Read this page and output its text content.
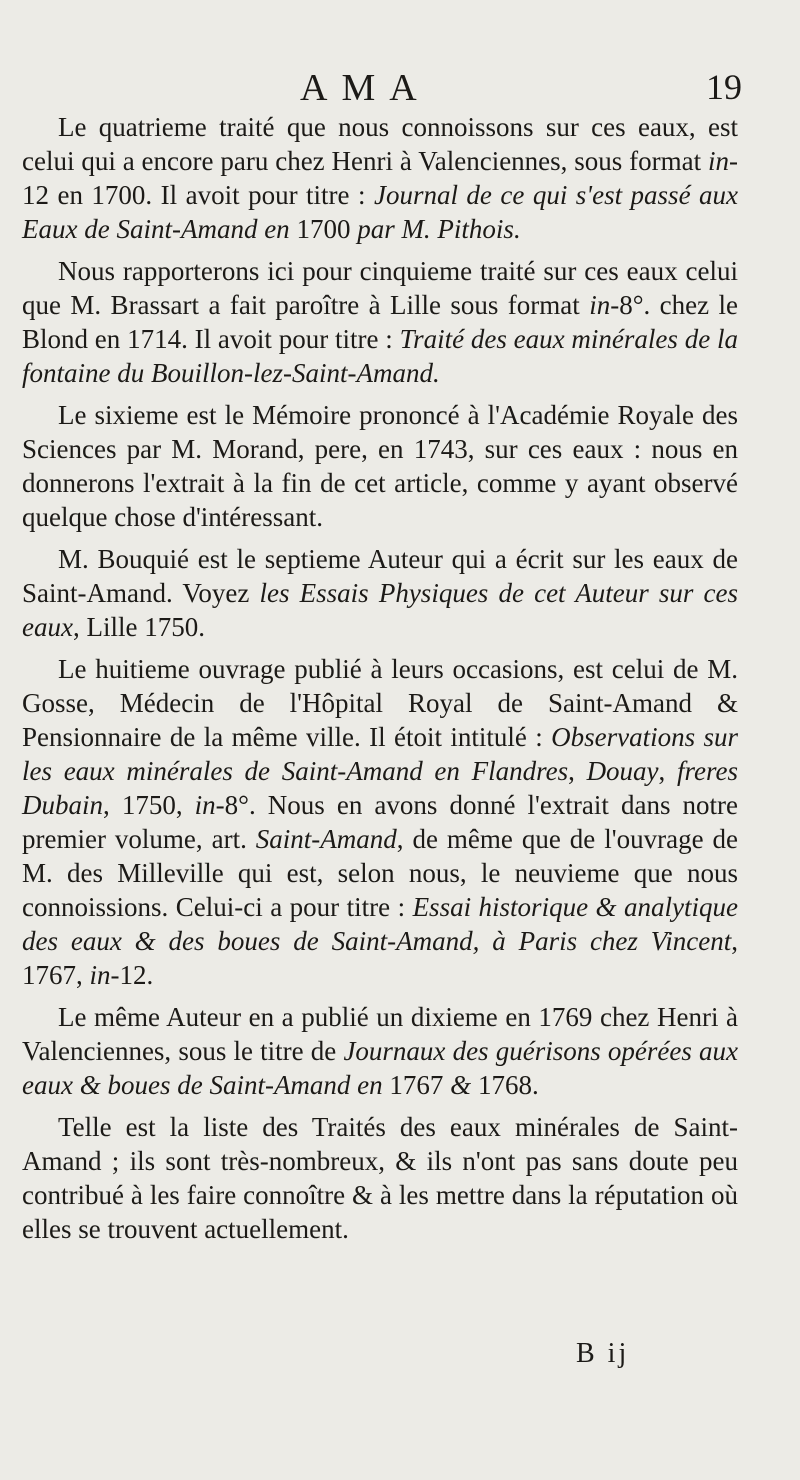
AMA	19

Le quatrieme traité que nous connoissons sur ces eaux, est celui qui a encore paru chez Henri à Valenciennes, sous format in- 12 en 1700. Il avoit pour titre : Journal de ce qui s'est passé aux Eaux de Saint-Amand en 1700 par M. Pithois.

Nous rapporterons ici pour cinquieme traité sur ces eaux celui que M. Brassart a fait paroître à Lille sous format in-8°. chez le Blond en 1714. Il avoit pour titre : Traité des eaux minérales de la fontaine du Bouillon-lez-Saint-Amand.

Le sixieme est le Mémoire prononcé à l'Académie Royale des Sciences par M. Morand, pere, en 1743, sur ces eaux : nous en donnerons l'extrait à la fin de cet article, comme y ayant observé quelque chose d'intéressant.

M. Bouquié est le septieme Auteur qui a écrit sur les eaux de Saint-Amand. Voyez les Essais Physiques de cet Auteur sur ces eaux, Lille 1750.

Le huitieme ouvrage publié à leurs occasions, est celui de M. Gosse, Médecin de l'Hôpital Royal de Saint-Amand & Pensionnaire de la même ville. Il étoit intitulé : Observations sur les eaux minérales de Saint-Amand en Flandres, Douay, freres Dubain, 1750, in-8°. Nous en avons donné l'extrait dans notre premier volume, art. Saint-Amand, de même que de l'ouvrage de M. des Milleville qui est, selon nous, le neuvieme que nous connoissions. Celui-ci a pour titre : Essai historique & analytique des eaux & des boues de Saint-Amand, à Paris chez Vincent, 1767, in-12.

Le même Auteur en a publié un dixieme en 1769 chez Henri à Valenciennes, sous le titre de Journaux des guérisons opérées aux eaux & boues de Saint-Amand en 1767 & 1768.

Telle est la liste des Traités des eaux minérales de Saint-Amand ; ils sont très-nombreux, & ils n'ont pas sans doute peu contribué à les faire connoître & à les mettre dans la réputation où elles se trouvent actuellement.

B ij
